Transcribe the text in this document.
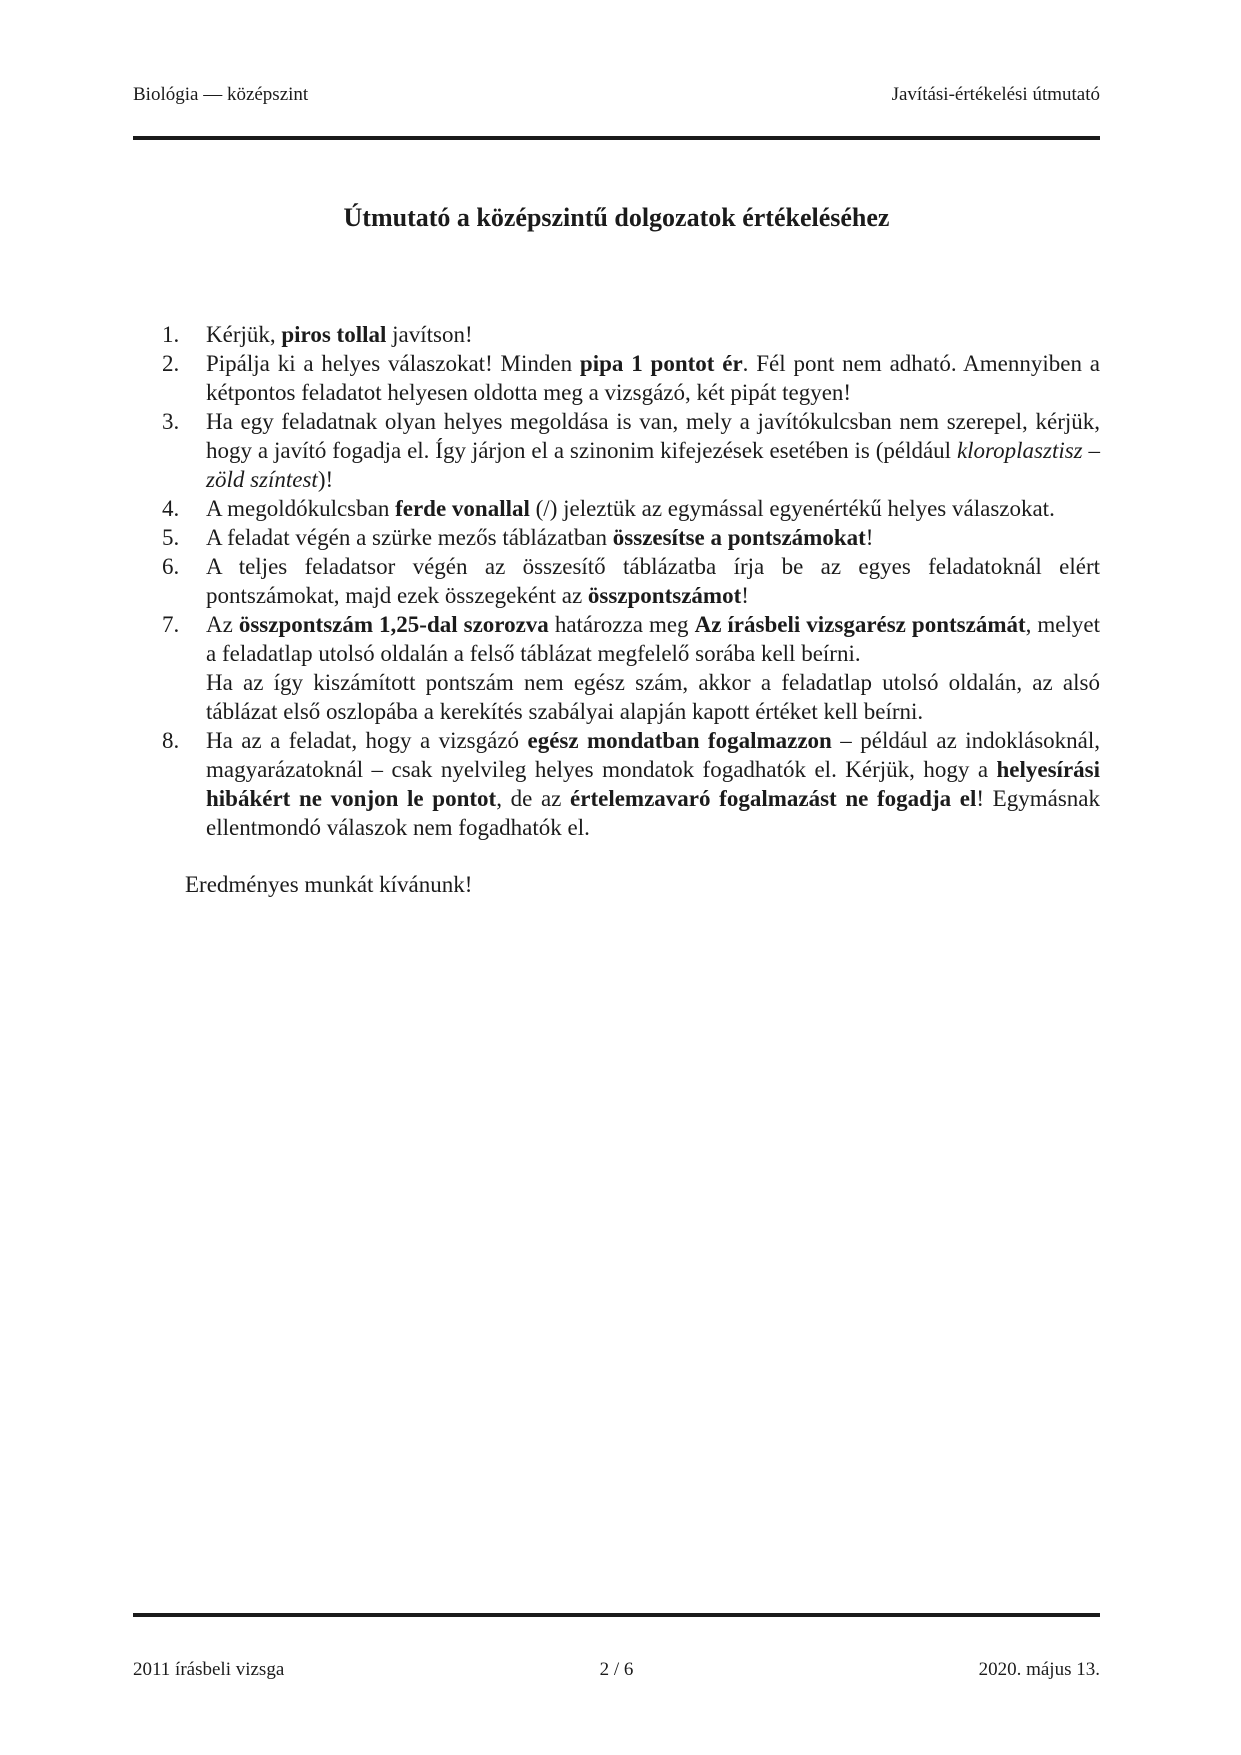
Biológia — középszint	Javítási-értékelési útmutató
Útmutató a középszintű dolgozatok értékeléséhez
1.	Kérjük, piros tollal javítson!
2.	Pipálja ki a helyes válaszokat! Minden pipa 1 pontot ér. Fél pont nem adható. Amennyiben a kétpontos feladatot helyesen oldotta meg a vizsgázó, két pipát tegyen!
3.	Ha egy feladatnak olyan helyes megoldása is van, mely a javítókulcsban nem szerepel, kérjük, hogy a javító fogadja el. Így járjon el a szinonim kifejezések esetében is (például kloroplasztisz – zöld színtest)!
4.	A megoldókulcsban ferde vonallal (/) jeleztük az egymással egyenértékű helyes válaszokat.
5.	A feladat végén a szürke mezős táblázatban összesítse a pontszámokat!
6.	A teljes feladatsor végén az összesítő táblázatba írja be az egyes feladatoknál elért pontszámokat, majd ezek összegeként az összpontszámot!
7.	Az összpontszám 1,25-dal szorozva határozza meg Az írásbeli vizsgarész pontszámát, melyet a feladatlap utolsó oldalán a felső táblázat megfelelő sorába kell beírni.
Ha az így kiszámított pontszám nem egész szám, akkor a feladatlap utolsó oldalán, az alsó táblázat első oszlopába a kerekítés szabályai alapján kapott értéket kell beírni.
8.	Ha az a feladat, hogy a vizsgázó egész mondatban fogalmazzon – például az indoklásoknál, magyarázatoknál – csak nyelvileg helyes mondatok fogadhatók el. Kérjük, hogy a helyesírási hibákért ne vonjon le pontot, de az értelemzavaró fogalmazást ne fogadja el! Egymásnak ellentmondó válaszok nem fogadhatók el.

Eredményes munkát kívánunk!

2011 írásbeli vizsga	2 / 6	2020. május 13.
